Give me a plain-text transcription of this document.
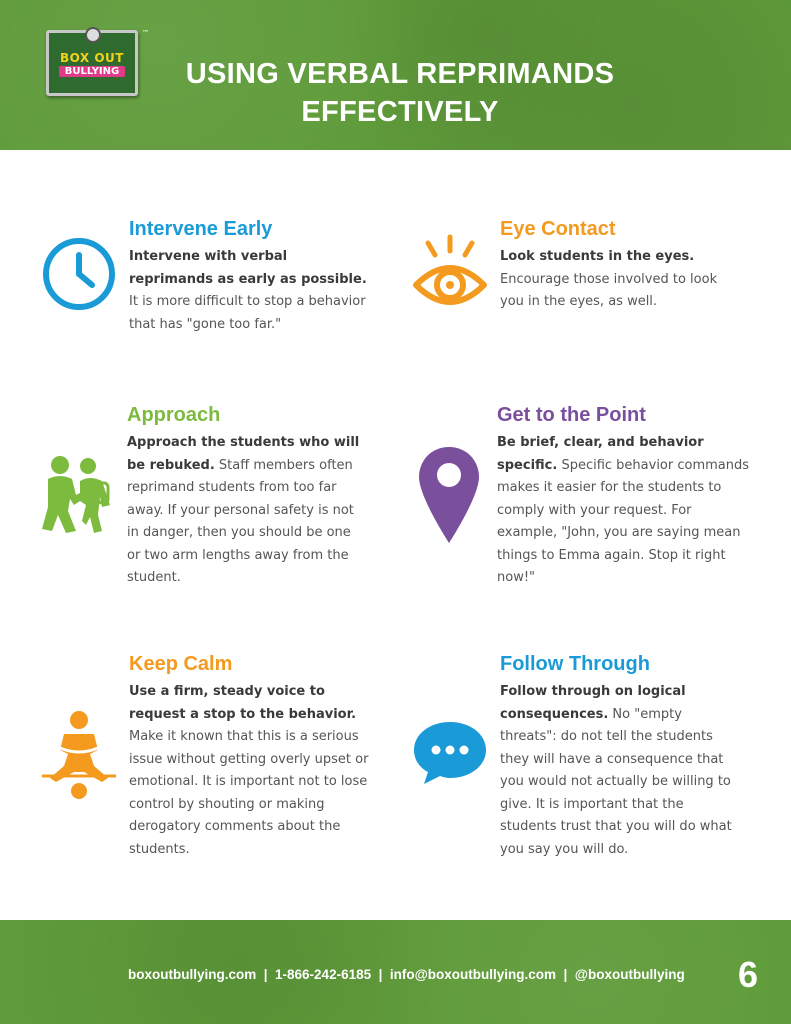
BOX OUT
BULLYING
™
USING VERBAL REPRIMANDS
EFFECTIVELY
Intervene Early

Intervene with verbal reprimands as early as possible. It is more difficult to stop a behavior that has "gone too far."

Eye Contact

Look students in the eyes. Encourage those involved to look you in the eyes, as well.

Approach

Approach the students who will be rebuked. Staff members often reprimand students from too far away. If your personal safety is not in danger, then you should be one or two arm lengths away from the student.

Get to the Point

Be brief, clear, and behavior specific. Specific behavior commands makes it easier for the students to comply with your request. For example, "John, you are saying mean things to Emma again. Stop it right now!"

Keep Calm

Use a firm, steady voice to request a stop to the behavior. Make it known that this is a serious issue without getting overly upset or emotional. It is important not to lose control by shouting or making derogatory comments about the students.

Follow Through

Follow through on logical consequences. No "empty threats": do not tell the students they will have a consequence that you would not actually be willing to give. It is important that the students trust that you will do what you say you will do.

boxoutbullying.com  |  1-866-242-6185  |  info@boxoutbullying.com  |  @boxoutbullying 6
